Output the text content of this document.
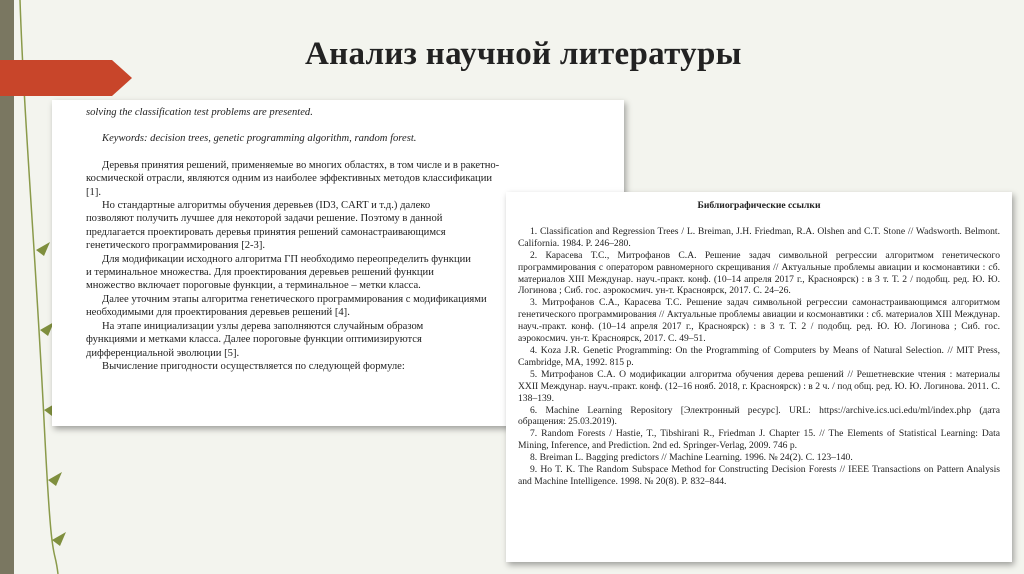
Анализ научной литературы

solving the classification test problems are presented.

Keywords: decision trees, genetic programming algorithm, random forest.

Деревья принятия решений, применяемые во многих областях, в том числе и в ракетно-

космической отрасли, являются одним из наиболее эффективных методов классификации

[1].

Но стандартные алгоритмы обучения деревьев (ID3, CART и т.д.) далеко

позволяют получить лучшее для некоторой задачи решение. Поэтому в данной

предлагается проектировать деревья принятия решений самонастраивающимся

генетического программирования [2-3].

Для модификации исходного алгоритма ГП необходимо переопределить функции

и терминальное множества. Для проектирования деревьев решений функции

множество включает пороговые функции, а терминальное – метки класса.

Далее уточним этапы алгоритма генетического программирования с модификациями

необходимыми для проектирования деревьев решений [4].

На этапе инициализации узлы дерева заполняются случайным образом

функциями и метками класса. Далее пороговые функции оптимизируются

дифференциальной эволюции [5].

Вычисление пригодности осуществляется по следующей формуле:

Библиографические ссылки

1. Classification and Regression Trees / L. Breiman, J.H. Friedman, R.A. Olshen and C.T. Stone // Wadsworth. Belmont. California. 1984. P. 246–280.

2. Карасева Т.С., Митрофанов С.А. Решение задач символьной регрессии алгоритмом генетического программирования с оператором равномерного скрещивания // Актуальные проблемы авиации и космонавтики : сб. материалов XIII Междунар. науч.-практ. конф. (10–14 апреля 2017 г., Красноярск) : в 3 т. Т. 2 / подобщ. ред. Ю. Ю. Логинова ; Сиб. гос. аэрокосмич. ун-т. Красноярск, 2017. С. 24–26.

3. Митрофанов С.А., Карасева Т.С. Решение задач символьной регрессии самонастраивающимся алгоритмом генетического программирования // Актуальные проблемы авиации и космонавтики : сб. материалов XIII Междунар. науч.-практ. конф. (10–14 апреля 2017 г., Красноярск) : в 3 т. Т. 2 / подобщ. ред. Ю. Ю. Логинова ; Сиб. гос. аэрокосмич. ун-т. Красноярск, 2017. С. 49–51.

4. Koza J.R. Genetic Programming: On the Programming of Computers by Means of Natural Selection. // MIT Press, Cambridge, MA, 1992. 815 p.

5. Митрофанов С.А. О модификации алгоритма обучения дерева решений // Решетневские чтения : материалы XXII Междунар. науч.-практ. конф. (12–16 нояб. 2018, г. Красноярск) : в 2 ч. / под общ. ред. Ю. Ю. Логинова. 2011. С. 138–139.

6. Machine Learning Repository [Электронный ресурс]. URL: https://archive.ics.uci.edu/ml/index.php (дата обращения: 25.03.2019).

7. Random Forests / Hastie, T., Tibshirani R., Friedman J. Chapter 15. // The Elements of Statistical Learning: Data Mining, Inference, and Prediction. 2nd ed. Springer-Verlag, 2009. 746 p.

8. Breiman L. Bagging predictors // Machine Learning. 1996. № 24(2). С. 123–140.

9. Ho T. K. The Random Subspace Method for Constructing Decision Forests // IEEE Transactions on Pattern Analysis and Machine Intelligence. 1998. № 20(8). P. 832–844.
